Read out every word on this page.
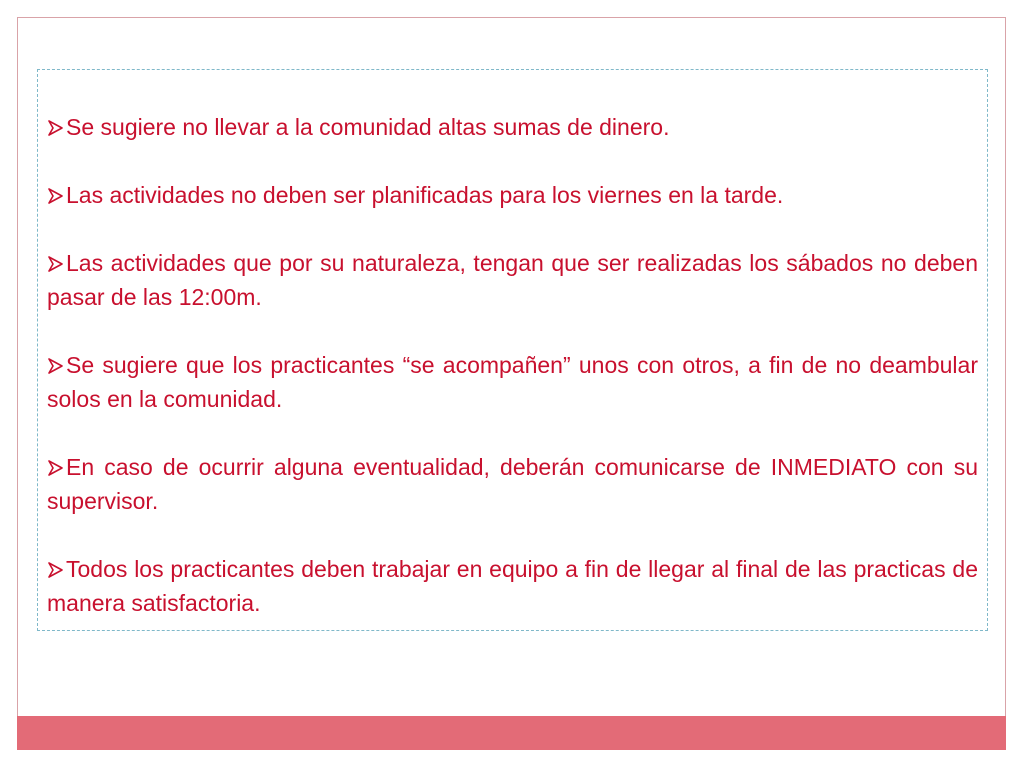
Se sugiere no llevar a la comunidad altas sumas de dinero.
Las actividades no deben ser planificadas para los viernes en la tarde.
Las actividades que por su naturaleza, tengan que ser realizadas los sábados no deben pasar de las 12:00m.
Se sugiere que los practicantes “se acompañen” unos con otros, a fin de no deambular solos en la comunidad.
En caso de ocurrir alguna eventualidad, deberán comunicarse de INMEDIATO con su supervisor.
Todos los practicantes deben trabajar en equipo a fin de llegar al final de las practicas de manera satisfactoria.
